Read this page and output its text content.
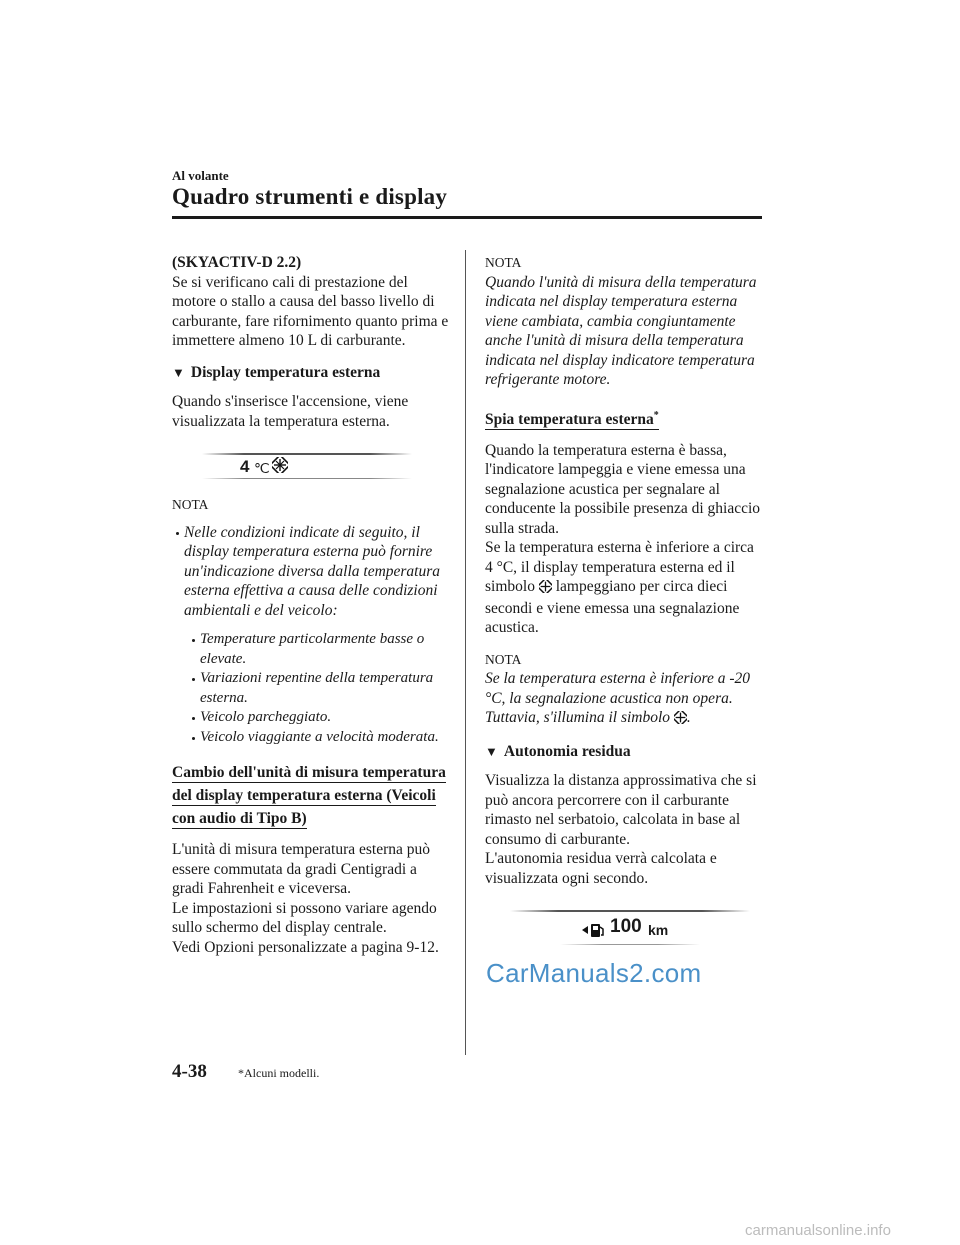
Al volante
Quadro strumenti e display

(SKYACTIV-D 2.2)

Se si verificano cali di prestazione del motore o stallo a causa del basso livello di carburante, fare rifornimento quanto prima e immettere almeno 10 L di carburante.

▼ Display temperatura esterna

Quando s'inserisce l'accensione, viene visualizzata la temperatura esterna.

4 ℃

NOTA

Nelle condizioni indicate di seguito, il display temperatura esterna può fornire un'indicazione diversa dalla temperatura esterna effettiva a causa delle condizioni ambientali e del veicolo:

Temperature particolarmente basse o elevate.

Variazioni repentine della temperatura esterna.

Veicolo parcheggiato.

Veicolo viaggiante a velocità moderata.

Cambio dell'unità di misura temperatura del display temperatura esterna (Veicoli con audio di Tipo B)

L'unità di misura temperatura esterna può essere commutata da gradi Centigradi a gradi Fahrenheit e viceversa.

Le impostazioni si possono variare agendo sullo schermo del display centrale.

Vedi Opzioni personalizzate a pagina 9-12.

NOTA

Quando l'unità di misura della temperatura indicata nel display temperatura esterna viene cambiata, cambia congiuntamente anche l'unità di misura della temperatura indicata nel display indicatore temperatura refrigerante motore.

Spia temperatura esterna*

Quando la temperatura esterna è bassa, l'indicatore lampeggia e viene emessa una segnalazione acustica per segnalare al conducente la possibile presenza di ghiaccio sulla strada.

Se la temperatura esterna è inferiore a circa 4 °C, il display temperatura esterna ed il simbolo lampeggiano per circa dieci secondi e viene emessa una segnalazione acustica.

NOTA

Se la temperatura esterna è inferiore a -20 °C, la segnalazione acustica non opera. Tuttavia, s'illumina il simbolo .

▼ Autonomia residua

Visualizza la distanza approssimativa che si può ancora percorrere con il carburante rimasto nel serbatoio, calcolata in base al consumo di carburante.

L'autonomia residua verrà calcolata e visualizzata ogni secondo.

100 km
CarManuals2.com
4-38	*Alcuni modelli.
carmanualsonline.info
